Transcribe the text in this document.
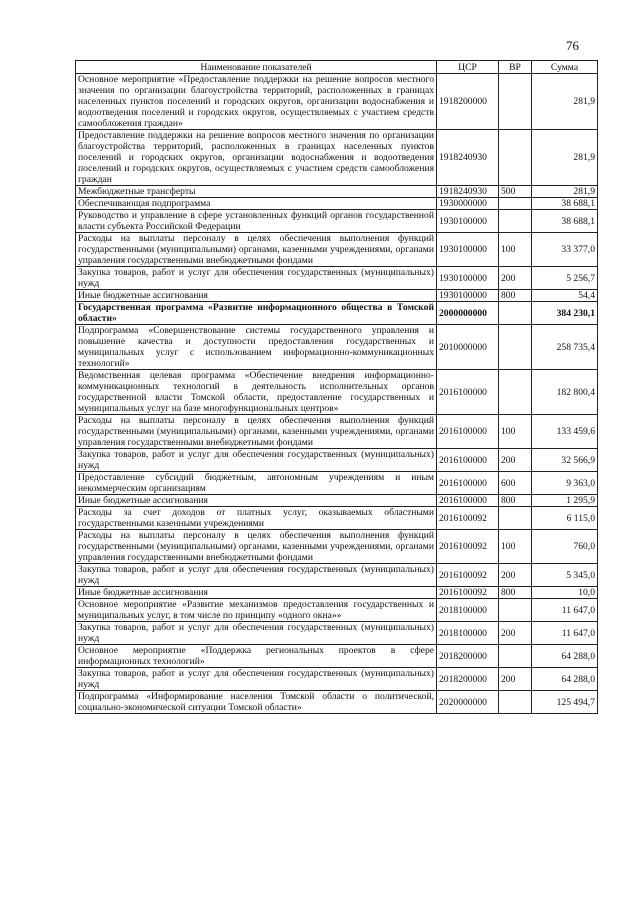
76
Наименование показателей	ЦСР	ВР	Сумма
Основное мероприятие «Предоставление поддержки на решение вопросов местного значения по организации благоустройства территорий, расположенных в границах населенных пунктов поселений и городских округов, организации водоснабжения и водоотведения поселений и городских округов, осуществляемых с участием средств самообложения граждан»	1918200000		281,9
Предоставление поддержки на решение вопросов местного значения по организации благоустройства территорий, расположенных в границах населенных пунктов поселений и городских округов, организации водоснабжения и водоотведения поселений и городских округов, осуществляемых с участием средств самообложения граждан	1918240930		281,9
Межбюджетные трансферты	1918240930	500	281,9
Обеспечивающая подпрограмма	1930000000		38 688,1
Руководство и управление в сфере установленных функций органов государственной власти субъекта Российской Федерации	1930100000		38 688,1
Расходы на выплаты персоналу в целях обеспечения выполнения функций государственными (муниципальными) органами, казенными учреждениями, органами управления государственными внебюджетными фондами	1930100000	100	33 377,0
Закупка товаров, работ и услуг для обеспечения государственных (муниципальных) нужд	1930100000	200	5 256,7
Иные бюджетные ассигнования	1930100000	800	54,4
Государственная программа «Развитие информационного общества в Томской области»	2000000000		384 230,1
Подпрограмма «Совершенствование системы государственного управления и повышение качества и доступности предоставления государственных и муниципальных услуг с использованием информационно-коммуникационных технологий»	2010000000		258 735,4
Ведомственная целевая программа «Обеспечение внедрения информационно-коммуникационных технологий в деятельность исполнительных органов государственной власти Томской области, предоставление государственных и муниципальных услуг на базе многофункциональных центров»	2016100000		182 800,4
Расходы на выплаты персоналу в целях обеспечения выполнения функций государственными (муниципальными) органами, казенными учреждениями, органами управления государственными внебюджетными фондами	2016100000	100	133 459,6
Закупка товаров, работ и услуг для обеспечения государственных (муниципальных) нужд	2016100000	200	32 566,9
Предоставление субсидий бюджетным, автономным учреждениям и иным некоммерческим организациям	2016100000	600	9 363,0
Иные бюджетные ассигнования	2016100000	800	1 295,9
Расходы за счет доходов от платных услуг, оказываемых областными государственными казенными учреждениями	2016100092		6 115,0
Расходы на выплаты персоналу в целях обеспечения выполнения функций государственными (муниципальными) органами, казенными учреждениями, органами управления государственными внебюджетными фондами	2016100092	100	760,0
Закупка товаров, работ и услуг для обеспечения государственных (муниципальных) нужд	2016100092	200	5 345,0
Иные бюджетные ассигнования	2016100092	800	10,0
Основное мероприятие «Развитие механизмов предоставления государственных и муниципальных услуг, в том числе по принципу «одного окна»»	2018100000		11 647,0
Закупка товаров, работ и услуг для обеспечения государственных (муниципальных) нужд	2018100000	200	11 647,0
Основное мероприятие «Поддержка региональных проектов в сфере информационных технологий»	2018200000		64 288,0
Закупка товаров, работ и услуг для обеспечения государственных (муниципальных) нужд	2018200000	200	64 288,0
Подпрограмма «Информирование населения Томской области о политической, социально-экономической ситуации Томской области»	2020000000		125 494,7
